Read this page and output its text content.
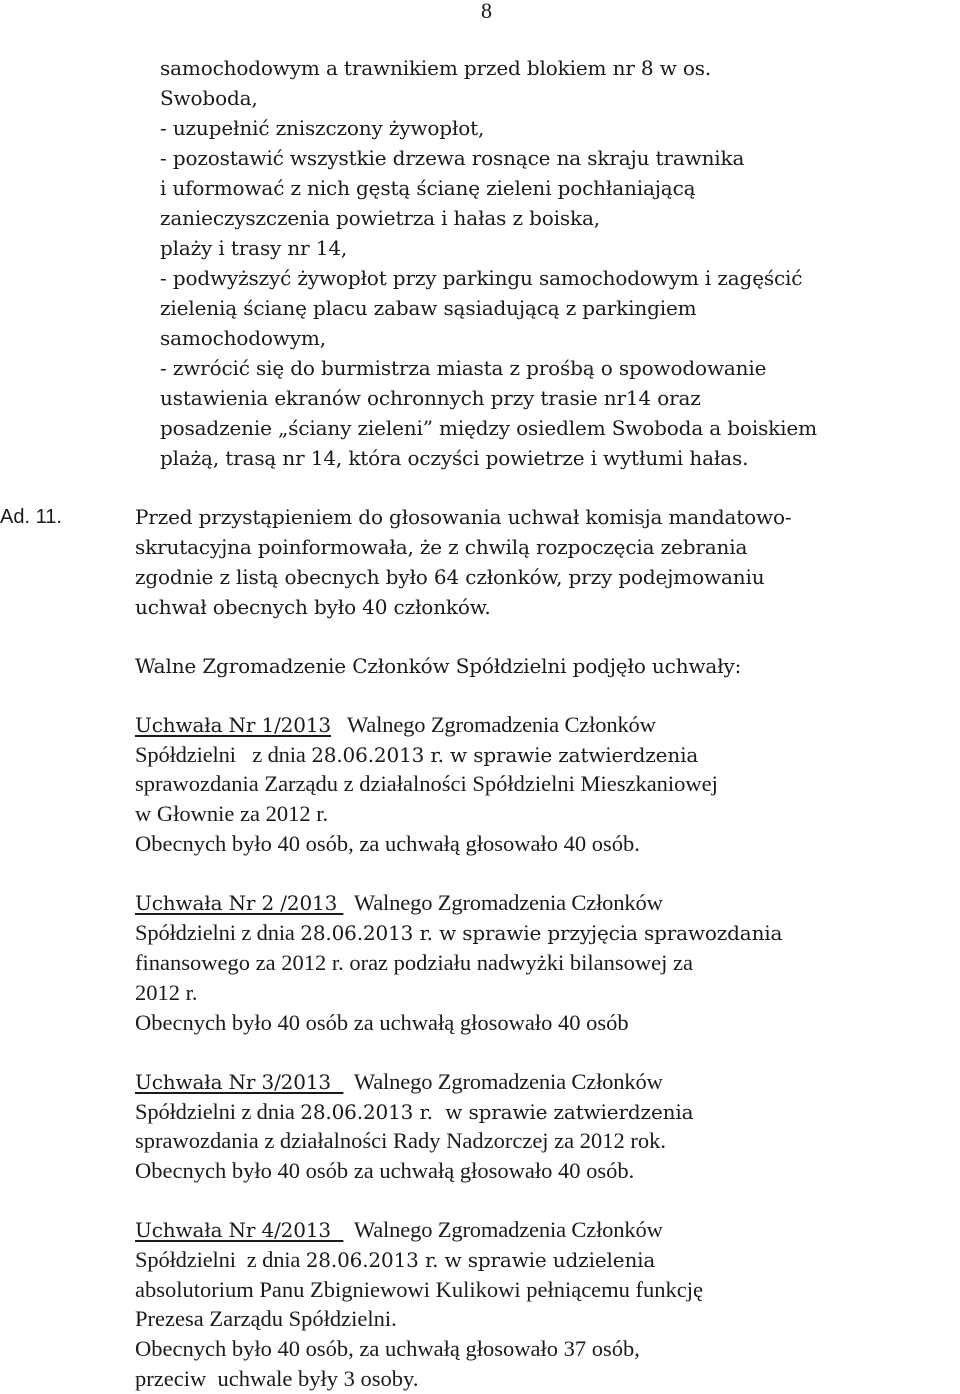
8
samochodowym a trawnikiem przed blokiem nr 8 w os.
Swoboda,
- uzupełnić zniszczony żywopłot,
- pozostawić wszystkie drzewa rosnące na skraju trawnika
i uformować z nich gęstą ścianę zieleni pochłaniającą
zanieczyszczenia powietrza i hałas z boiska,
plaży i trasy nr 14,
- podwyższyć żywopłot przy parkingu samochodowym i zagęścić
zielenią ścianę placu zabaw sąsiadującą z parkingiem
samochodowym,
- zwrócić się do burmistrza miasta z prośbą o spowodowanie
ustawienia ekranów ochronnych przy trasie nr14 oraz
posadzenie „ściany zieleni” między osiedlem Swoboda a boiskiem
plażą, trasą nr 14, która oczyści powietrze i wytłumi hałas.
Ad. 11.	Przed przystąpieniem do głosowania uchwał komisja mandatowo-
skrutacyjna poinformowała, że z chwilą rozpoczęcia zebrania
zgodnie z listą obecnych było 64 członków, przy podejmowaniu
uchwał obecnych było 40 członków.
Walne Zgromadzenie Członków Spółdzielni podjęło uchwały:
Uchwała Nr 1/2013   Walnego Zgromadzenia Członków
Spółdzielni   z dnia 28.06.2013 r. w sprawie zatwierdzenia
sprawozdania Zarządu z działalności Spółdzielni Mieszkaniowej
w Głownie za 2012 r.
Obecnych było 40 osób, za uchwałą głosowało 40 osób.
Uchwała Nr 2 /2013   Walnego Zgromadzenia Członków
Spółdzielni z dnia 28.06.2013 r. w sprawie przyjęcia sprawozdania
finansowego za 2012 r. oraz podziału nadwyżki bilansowej za
2012 r.
Obecnych było 40 osób za uchwałą głosowało 40 osób
Uchwała Nr 3/2013    Walnego Zgromadzenia Członków
Spółdzielni z dnia 28.06.2013 r.  w sprawie zatwierdzenia
sprawozdania z działalności Rady Nadzorczej za 2012 rok.
Obecnych było 40 osób za uchwałą głosowało 40 osób.
Uchwała Nr 4/2013    Walnego Zgromadzenia Członków
Spółdzielni  z dnia 28.06.2013 r. w sprawie udzielenia
absolutorium Panu Zbigniewowi Kulikowi pełniącemu funkcję
Prezesa Zarządu Spółdzielni.
Obecnych było 40 osób, za uchwałą głosowało 37 osób,
przeciw  uchwale były 3 osoby.
